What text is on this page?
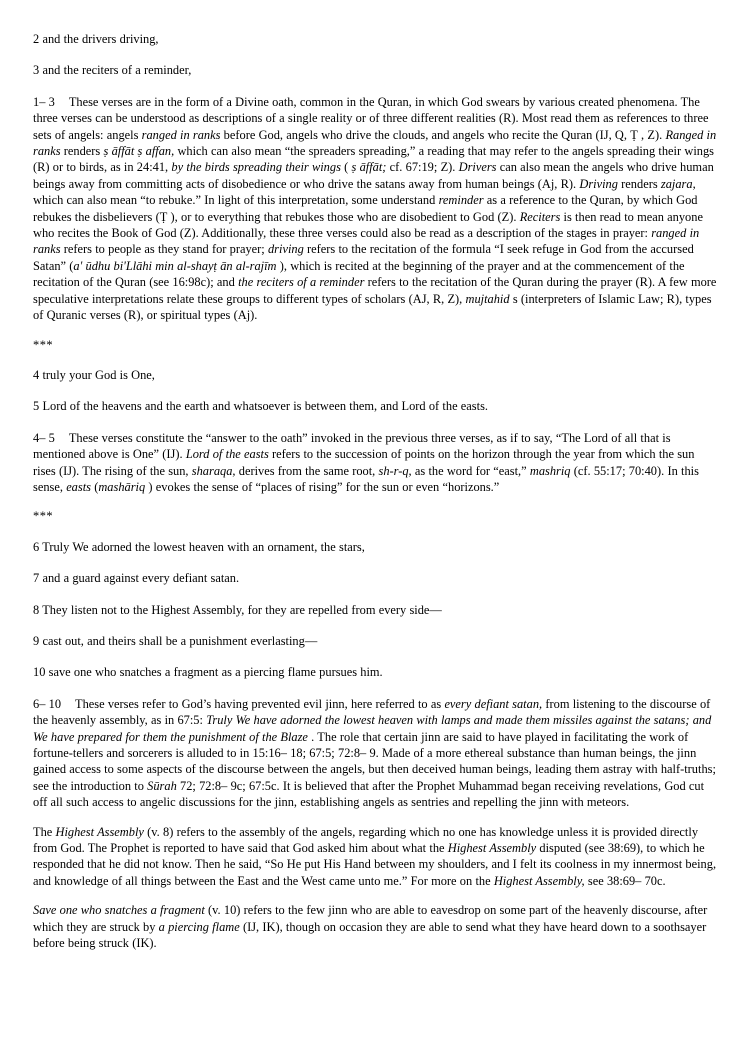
2 and the drivers driving,

3 and the reciters of a reminder,

1– 3 These verses are in the form of a Divine oath, common in the Quran, in which God swears by various created phenomena. The three verses can be understood as descriptions of a single reality or of three different realities (R). Most read them as references to three sets of angels: angels ranged in ranks before God, angels who drive the clouds, and angels who recite the Quran (IJ, Q, Ṭ , Z). Ranged in ranks renders ṣ āffāt ṣ affan, which can also mean “the spreaders spreading,” a reading that may refer to the angels spreading their wings (R) or to birds, as in 24:41, by the birds spreading their wings ( ṣ āffāt; cf. 67:19; Z). Drivers can also mean the angels who drive human beings away from committing acts of disobedience or who drive the satans away from human beings (Aj, R). Driving renders zajara, which can also mean “to rebuke.” In light of this interpretation, some understand reminder as a reference to the Quran, by which God rebukes the disbelievers (Ṭ ), or to everything that rebukes those who are disobedient to God (Z). Reciters is then read to mean anyone who recites the Book of God (Z). Additionally, these three verses could also be read as a description of the stages in prayer: ranged in ranks refers to people as they stand for prayer; driving refers to the recitation of the formula “I seek refuge in God from the accursed Satan” (a' ūdhu bi'Llāhi min al-shayṭ ān al-rajīm ), which is recited at the beginning of the prayer and at the commencement of the recitation of the Quran (see 16:98c); and the reciters of a reminder refers to the recitation of the Quran during the prayer (R). A few more speculative interpretations relate these groups to different types of scholars (AJ, R, Z), mujtahid s (interpreters of Islamic Law; R), types of Quranic verses (R), or spiritual types (Aj).

***

4 truly your God is One,

5 Lord of the heavens and the earth and whatsoever is between them, and Lord of the easts.

4– 5 These verses constitute the “answer to the oath” invoked in the previous three verses, as if to say, “The Lord of all that is mentioned above is One” (IJ). Lord of the easts refers to the succession of points on the horizon through the year from which the sun rises (IJ). The rising of the sun, sharaqa, derives from the same root, sh-r-q, as the word for “east,” mashriq (cf. 55:17; 70:40). In this sense, easts (mashāriq ) evokes the sense of “places of rising” for the sun or even “horizons.”

***

6 Truly We adorned the lowest heaven with an ornament, the stars,

7 and a guard against every defiant satan.

8 They listen not to the Highest Assembly, for they are repelled from every side—

9 cast out, and theirs shall be a punishment everlasting—

10 save one who snatches a fragment as a piercing flame pursues him.

6– 10 These verses refer to God’s having prevented evil jinn, here referred to as every defiant satan, from listening to the discourse of the heavenly assembly, as in 67:5: Truly We have adorned the lowest heaven with lamps and made them missiles against the satans; and We have prepared for them the punishment of the Blaze . The role that certain jinn are said to have played in facilitating the work of fortune-tellers and sorcerers is alluded to in 15:16– 18; 67:5; 72:8– 9. Made of a more ethereal substance than human beings, the jinn gained access to some aspects of the discourse between the angels, but then deceived human beings, leading them astray with half-truths; see the introduction to Sūrah 72; 72:8– 9c; 67:5c. It is believed that after the Prophet Muhammad began receiving revelations, God cut off all such access to angelic discussions for the jinn, establishing angels as sentries and repelling the jinn with meteors.

The Highest Assembly (v. 8) refers to the assembly of the angels, regarding which no one has knowledge unless it is provided directly from God. The Prophet is reported to have said that God asked him about what the Highest Assembly disputed (see 38:69), to which he responded that he did not know. Then he said, “So He put His Hand between my shoulders, and I felt its coolness in my innermost being, and knowledge of all things between the East and the West came unto me.” For more on the Highest Assembly, see 38:69– 70c.

Save one who snatches a fragment (v. 10) refers to the few jinn who are able to eavesdrop on some part of the heavenly discourse, after which they are struck by a piercing flame (IJ, IK), though on occasion they are able to send what they have heard down to a soothsayer before being struck (IK).
